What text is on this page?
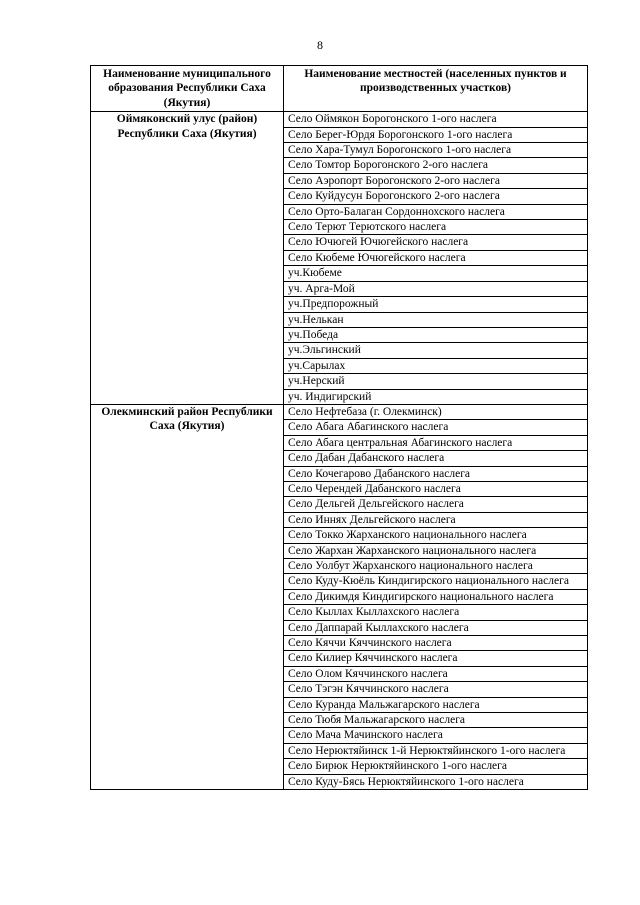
8
Наименование муниципального образования Республики Саха (Якутия)	Наименование местностей (населенных пунктов и производственных участков)
Оймяконский улус (район) Республики Саха (Якутия)	Село Оймякон Борогонского 1-ого наслега
	Село Берег-Юрдя Борогонского 1-ого наслега
	Село Хара-Тумул Борогонского 1-ого наслега
	Село Томтор Борогонского 2-ого наслега
	Село Аэропорт Борогонского 2-ого наслега
	Село Куйдусун Борогонского 2-ого наслега
	Село Орто-Балаган Сордоннохского наслега
	Село Терют Терютского наслега
	Село Ючюгей Ючюгейского наслега
	Село Кюбеме Ючюгейского наслега
	уч.Кюбеме
	уч. Арга-Мой
	уч.Предпорожный
	уч.Нелькан
	уч.Победа
	уч.Эльгинский
	уч.Сарылах
	уч.Нерский
	уч. Индигирский
Олекминский район Республики Саха (Якутия)	Село Нефтебаза (г. Олекминск)
	Село Абага Абагинского наслега
	Село Абага центральная Абагинского наслега
	Село Дабан Дабанского наслега
	Село Кочегарово Дабанского наслега
	Село Черендей Дабанского наслега
	Село Дельгей Дельгейского наслега
	Село Иннях Дельгейского наслега
	Село Токко Жарханского национального наслега
	Село Жархан Жарханского национального наслега
	Село Уолбут Жарханского национального наслега
	Село Куду-Кюёль Киндигирского национального наслега
	Село Дикимдя Киндигирского национального наслега
	Село Кыллах Кыллахского наслега
	Село Даппарай Кыллахского наслега
	Село Кяччи Кяччинского наслега
	Село Килиер Кяччинского наслега
	Село Олом Кяччинского наслега
	Село Тэгэн Кяччинского наслега
	Село Куранда Мальжагарского наслега
	Село Тюбя Мальжагарского наслега
	Село Мача Мачинского наслега
	Село Нерюктяйинск 1-й Нерюктяйинского 1-ого наслега
	Село Бирюк Нерюктяйинского 1-ого наслега
	Село Куду-Бясь Нерюктяйинского 1-ого наслега
